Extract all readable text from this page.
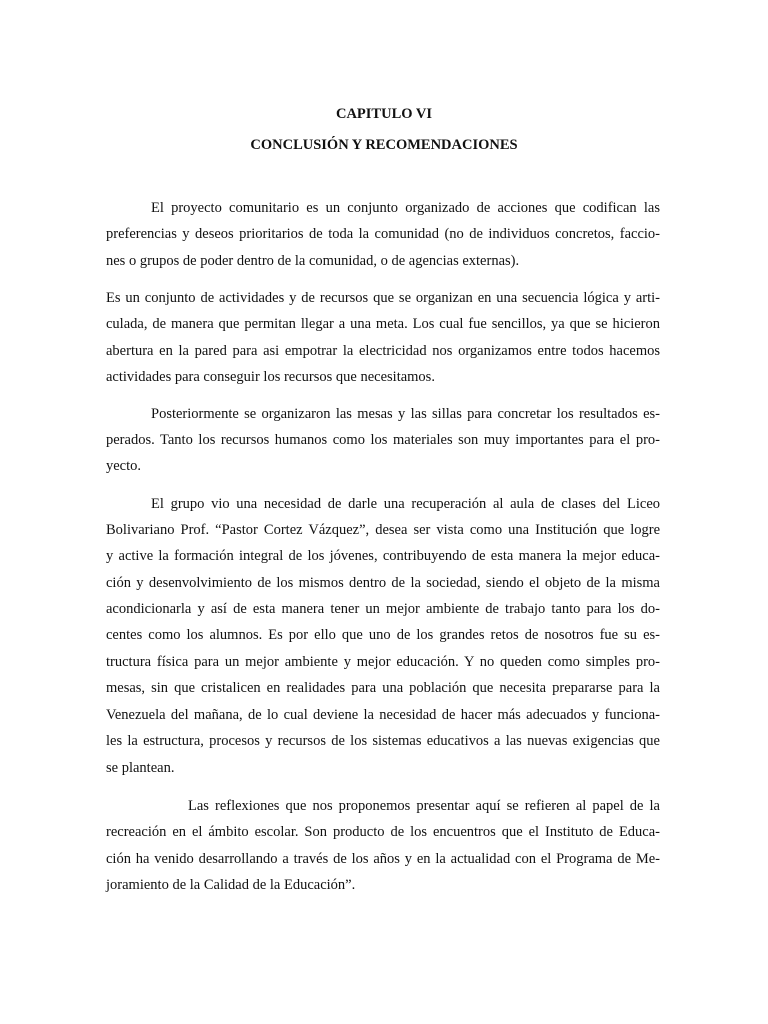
CAPITULO VI
CONCLUSIÓN Y RECOMENDACIONES
El proyecto comunitario es un conjunto organizado de acciones que codifican las
preferencias y deseos prioritarios de toda la comunidad (no de individuos concretos, faccio-
nes o grupos de poder dentro de la comunidad, o de agencias externas).
Es un conjunto de actividades y de recursos que se organizan en una secuencia lógica y arti-
culada, de manera que permitan llegar a una meta. Los cual fue sencillos, ya que se hicieron
abertura en la pared para asi empotrar la electricidad nos organizamos entre todos hacemos
actividades para conseguir los recursos que necesitamos.
Posteriormente se organizaron las mesas y las sillas para concretar los resultados es-
perados. Tanto los recursos humanos como los materiales son muy importantes para el pro-
yecto.
El grupo vio una necesidad de darle una recuperación al aula de clases del Liceo
Bolivariano Prof. “Pastor Cortez Vázquez”, desea ser vista como una Institución que logre
y active la formación integral de los jóvenes, contribuyendo de esta manera la mejor educa-
ción y desenvolvimiento de los mismos dentro de la sociedad, siendo el objeto de la misma
acondicionarla y así de esta manera tener un mejor ambiente de trabajo tanto para los do-
centes como los alumnos. Es por ello que uno de los grandes retos de nosotros fue su es-
tructura física para un mejor ambiente y mejor educación. Y no queden como simples pro-
mesas, sin que cristalicen en realidades para una población que necesita prepararse para la
Venezuela del mañana, de lo cual deviene la necesidad de hacer más adecuados y funciona-
les la estructura, procesos y recursos de los sistemas educativos a las nuevas exigencias que
se plantean.
Las reflexiones que nos proponemos presentar aquí se refieren al papel de la
recreación en el ámbito escolar. Son producto de los encuentros que el Instituto de Educa-
ción ha venido desarrollando a través de los años y en la actualidad con el Programa de Me-
joramiento de la Calidad de la Educación”.
